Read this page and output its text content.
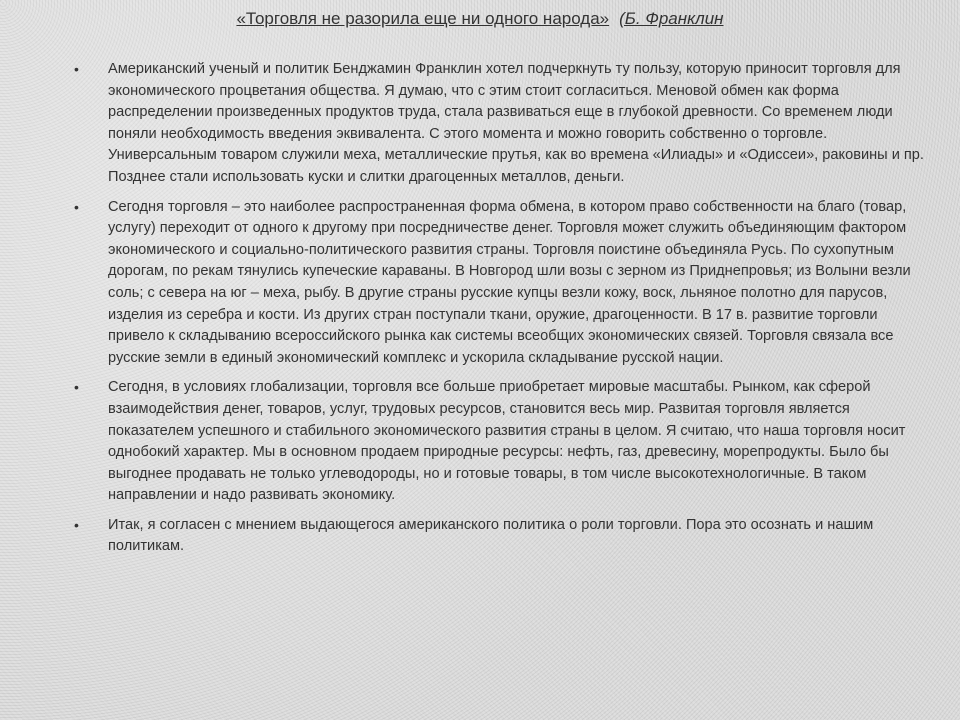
«Торговля не разорила еще ни одного народа» (Б. Франклин
• Американский ученый и политик Бенджамин Франклин хотел подчеркнуть ту пользу, которую приносит торговля для экономического процветания общества. Я думаю, что с этим стоит согласиться. Меновой обмен как форма распределении произведенных продуктов труда, стала развиваться еще в глубокой древности. Со временем люди поняли необходимость введения эквивалента. С этого момента и можно говорить собственно о торговле. Универсальным товаром служили меха, металлические прутья, как во времена «Илиады» и «Одиссеи», раковины и пр. Позднее стали использовать куски и слитки драгоценных металлов, деньги.
• Сегодня торговля – это наиболее распространенная форма обмена, в котором право собственности на благо (товар, услугу) переходит от одного к другому при посредничестве денег. Торговля может служить объединяющим фактором экономического и социально-политического развития страны. Торговля поистине объединяла Русь. По сухопутным дорогам, по рекам тянулись купеческие караваны. В Новгород шли возы с зерном из Приднепровья; из Волыни везли соль; с севера на юг – меха, рыбу. В другие страны русские купцы везли кожу, воск, льняное полотно для парусов, изделия из серебра и кости. Из других стран поступали ткани, оружие, драгоценности. В 17 в. развитие торговли привело к складыванию всероссийского рынка как системы всеобщих экономических связей. Торговля связала все русские земли в единый экономический комплекс и ускорила складывание русской нации.
• Сегодня, в условиях глобализации, торговля все больше приобретает мировые масштабы. Рынком, как сферой взаимодействия денег, товаров, услуг, трудовых ресурсов, становится весь мир. Развитая торговля является показателем успешного и стабильного экономического развития страны в целом. Я считаю, что наша торговля носит однобокий характер. Мы в основном продаем природные ресурсы: нефть, газ, древесину, морепродукты. Было бы выгоднее продавать не только углеводороды, но и готовые товары, в том числе высокотехнологичные. В таком направлении и надо развивать экономику.
• Итак, я согласен с мнением выдающегося американского политика о роли торговли. Пора это осознать и нашим политикам.
